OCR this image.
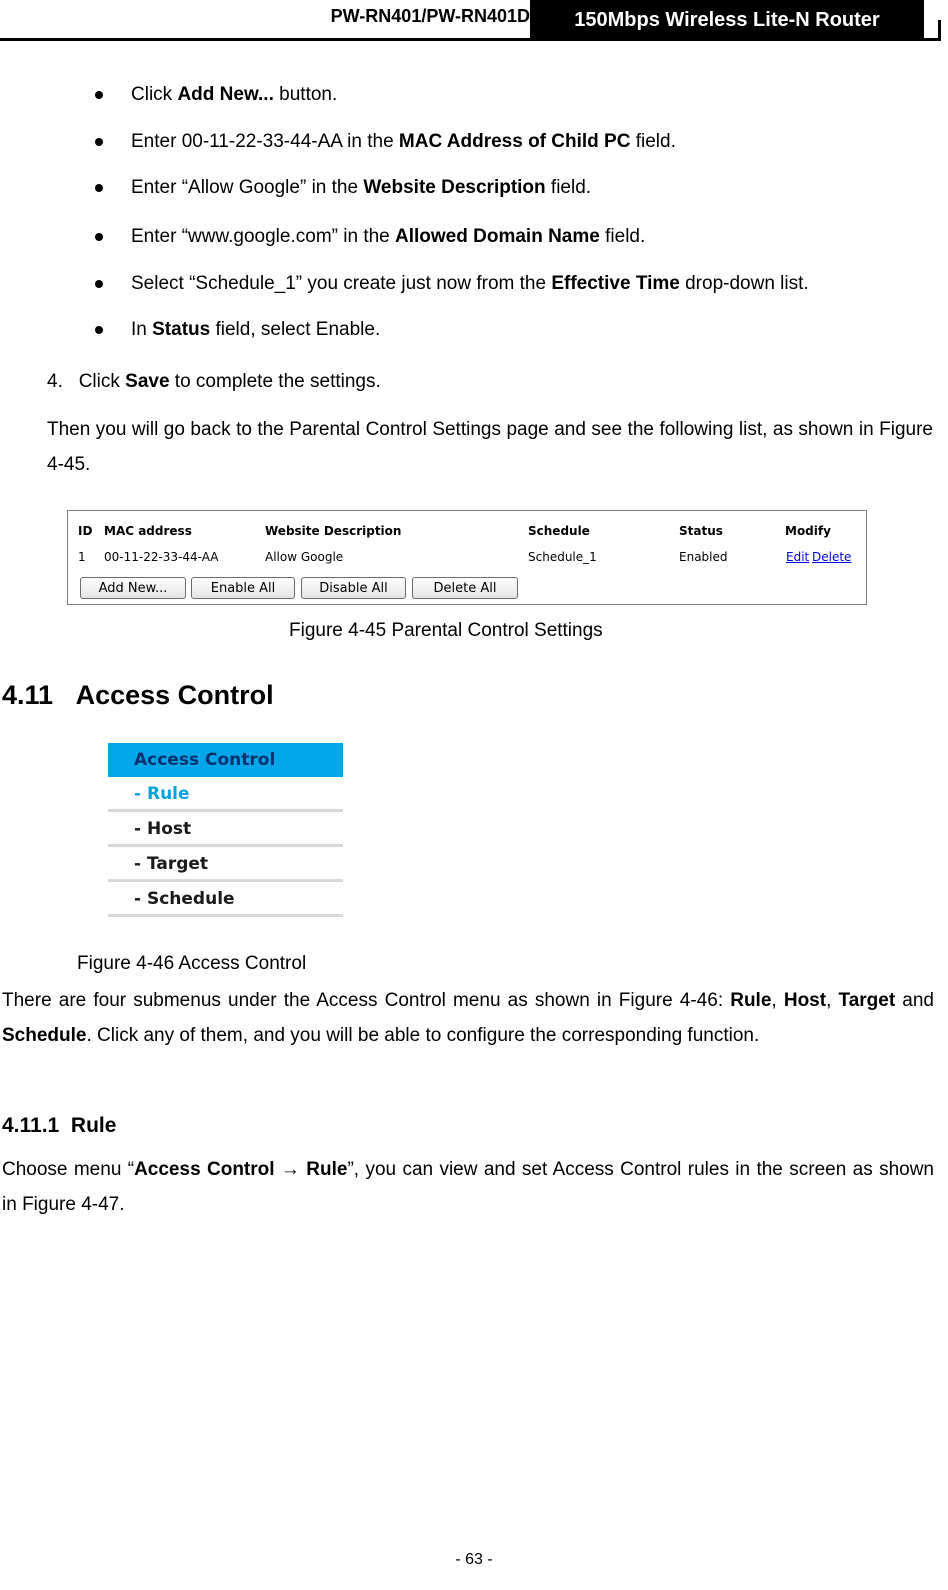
PW-RN401/PW-RN401D	150Mbps Wireless Lite-N Router
Click Add New... button.
Enter 00-11-22-33-44-AA in the MAC Address of Child PC field.
Enter “Allow Google” in the Website Description field.
Enter “www.google.com” in the Allowed Domain Name field.
Select “Schedule_1” you create just now from the Effective Time drop-down list.
In Status field, select Enable.
4. Click Save to complete the settings.
Then you will go back to the Parental Control Settings page and see the following list, as shown in Figure 4-45.
ID MAC address	Website Description	Schedule	Status	Modify
1 00-11-22-33-44-AA	Allow Google	Schedule_1	Enabled	Edit Delete
Add New...	Enable All	Disable All	Delete All
Figure 4-45 Parental Control Settings
4.11 Access Control
Access Control
- Rule
- Host
- Target
- Schedule
Figure 4-46 Access Control
There are four submenus under the Access Control menu as shown in Figure 4-46: Rule, Host, Target and Schedule. Click any of them, and you will be able to configure the corresponding function.
4.11.1 Rule
Choose menu “Access Control → Rule”, you can view and set Access Control rules in the screen as shown in Figure 4-47.
- 63 -
